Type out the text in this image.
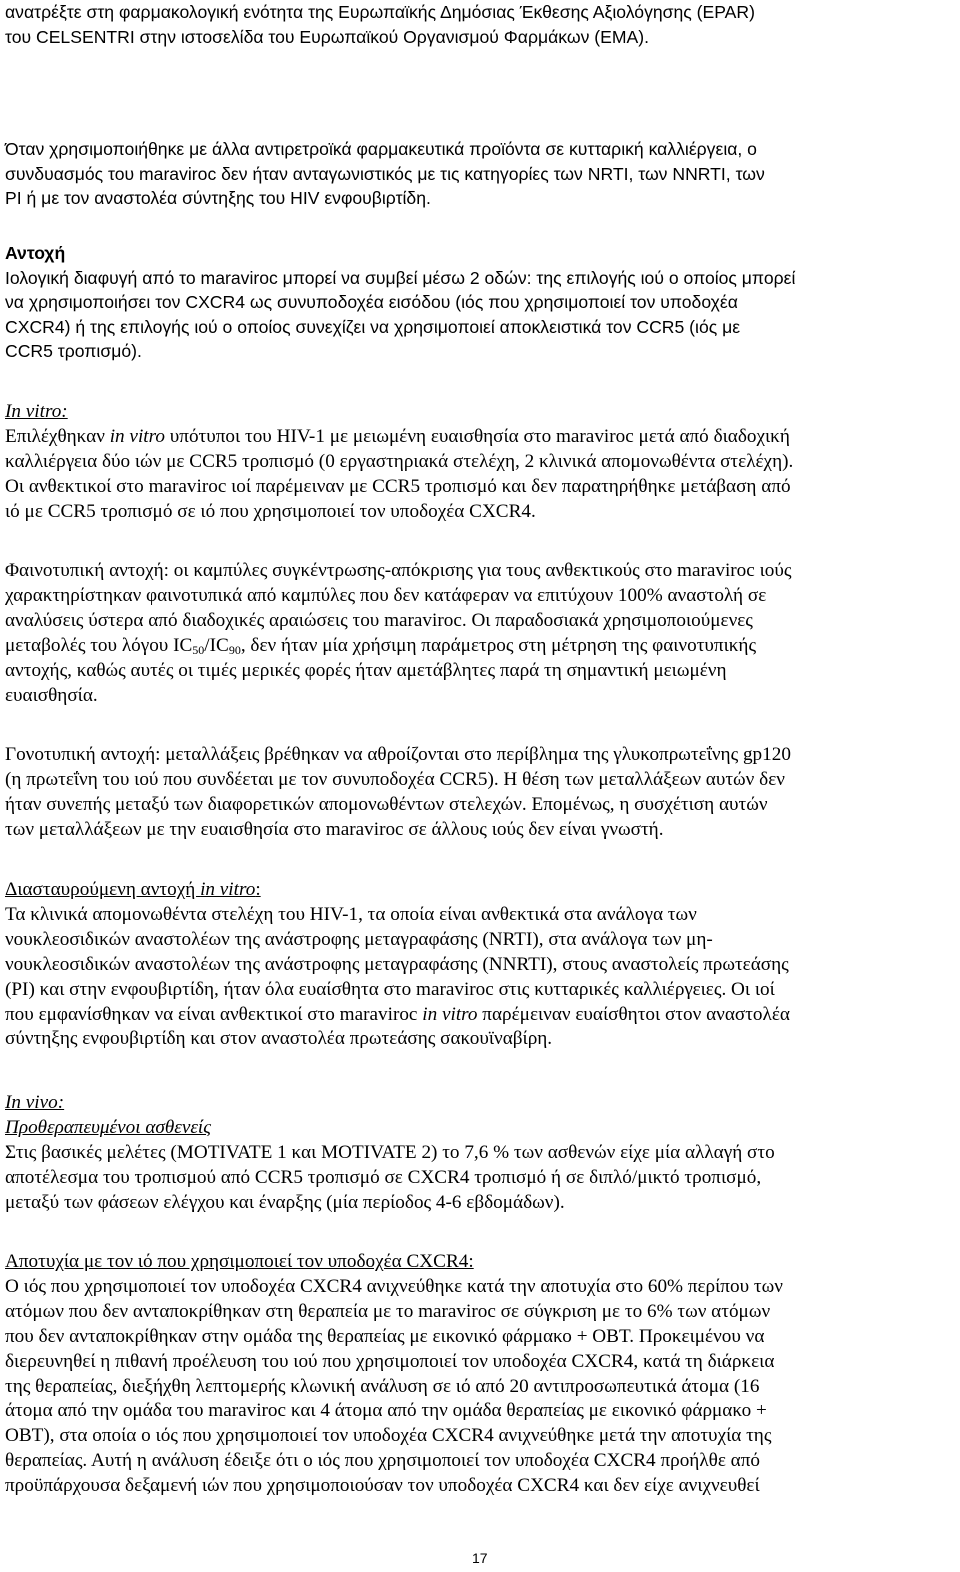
ανατρέξτε στη φαρμακολογική ενότητα της Ευρωπαϊκής Δημόσιας Έκθεσης Αξιολόγησης (EPAR)
του CELSENTRI στην ιστοσελίδα του Ευρωπαϊκού Οργανισμού Φαρμάκων (EMA).
Όταν χρησιμοποιήθηκε με άλλα αντιρετροϊκά φαρμακευτικά προϊόντα σε κυτταρική καλλιέργεια, ο
συνδυασμός του maravirοc δεν ήταν ανταγωνιστικός με τις κατηγορίες των NRTI, των NNRTI, των
PI ή με τον αναστολέα σύντηξης του HIV ενφουβιρτίδη.
Αντοχή
Ιολογική διαφυγή από το maraviroc μπορεί να συμβεί μέσω 2 οδών: της επιλογής ιού ο οποίος μπορεί
να χρησιμοποιήσει τον CXCR4 ως συνυποδοχέα εισόδου (ιός που χρησιμοποιεί τον υποδοχέα
CXCR4) ή της επιλογής ιού ο οποίος συνεχίζει να χρησιμοποιεί αποκλειστικά τον CCR5 (ιός με
CCR5 τροπισμό).
In vitro:
Επιλέχθηκαν in vitro υπότυποι του HIV-1 με μειωμένη ευαισθησία στο maraviroc μετά από διαδοχική
καλλιέργεια δύο ιών με CCR5 τροπισμό (0 εργαστηριακά στελέχη, 2 κλινικά απομονωθέντα στελέχη).
Οι ανθεκτικοί στο maraviroc ιοί παρέμειναν με CCR5 τροπισμό και δεν παρατηρήθηκε μετάβαση από
ιό με CCR5 τροπισμό σε ιό που χρησιμοποιεί τον υποδοχέα CXCR4.
Φαινοτυπική αντοχή: οι καμπύλες συγκέντρωσης-απόκρισης για τους ανθεκτικούς στο maraviroc ιούς
χαρακτηρίστηκαν φαινοτυπικά από καμπύλες που δεν κατάφεραν να επιτύχουν 100% αναστολή σε
αναλύσεις ύστερα από διαδοχικές αραιώσεις του maraviroc. Οι παραδοσιακά χρησιμοποιούμενες
μεταβολές του λόγου $IC_{50}/IC_{90}$, δεν ήταν μία χρήσιμη παράμετρος στη μέτρηση της φαινοτυπικής
αντοχής, καθώς αυτές οι τιμές μερικές φορές ήταν αμετάβλητες παρά τη σημαντική μειωμένη
ευαισθησία.
Γονοτυπική αντοχή: μεταλλάξεις βρέθηκαν να αθροίζονται στο περίβλημα της γλυκοπρωτεΐνης gp120
(η πρωτεΐνη του ιού που συνδέεται με τον συνυποδοχέα CCR5). Η θέση των μεταλλάξεων αυτών δεν
ήταν συνεπής μεταξύ των διαφορετικών απομονωθέντων στελεχών. Επομένως, η συσχέτιση αυτών
των μεταλλάξεων με την ευαισθησία στο maraviroc σε άλλους ιούς δεν είναι γνωστή.
Διασταυρούμενη αντοχή in vitro:
Τα κλινικά απομονωθέντα στελέχη του HIV-1, τα οποία είναι ανθεκτικά στα ανάλογα των
νουκλεοσιδικών αναστολέων της ανάστροφης μεταγραφάσης (NRTI), στα ανάλογα των μη-
νουκλεοσιδικών αναστολέων της ανάστροφης μεταγραφάσης (NNRTI), στους αναστολείς πρωτεάσης
(PI) και στην ενφουβιρτίδη, ήταν όλα ευαίσθητα στο maraviroc στις κυτταρικές καλλιέργειες. Οι ιοί
που εμφανίσθηκαν να είναι ανθεκτικοί στο maraviroc in vitro παρέμειναν ευαίσθητοι στον αναστολέα
σύντηξης ενφουβιρτίδη και στον αναστολέα πρωτεάσης σακουϊναβίρη.
In vivo:
Προθεραπευμένοι ασθενείς
Στις βασικές μελέτες (MOTIVATE 1 και MOTIVATE 2) το 7,6 % των ασθενών είχε μία αλλαγή στο
αποτέλεσμα του τροπισμού από CCR5 τροπισμό σε CXCR4 τροπισμό ή σε διπλό/μικτό τροπισμό,
μεταξύ των φάσεων ελέγχου και έναρξης (μία περίοδος 4-6 εβδομάδων).
Αποτυχία με τον ιό που χρησιμοποιεί τον υποδοχέα CXCR4:
Ο ιός που χρησιμοποιεί τον υποδοχέα CXCR4 ανιχνεύθηκε κατά την αποτυχία στο 60% περίπου των
ατόμων που δεν ανταποκρίθηκαν στη θεραπεία με το maraviroc σε σύγκριση με το 6% των ατόμων
που δεν ανταποκρίθηκαν στην ομάδα της θεραπείας με εικονικό φάρμακο + OBT. Προκειμένου να
διερευνηθεί η πιθανή προέλευση του ιού που χρησιμοποιεί τον υποδοχέα CXCR4, κατά τη διάρκεια
της θεραπείας, διεξήχθη λεπτομερής κλωνική ανάλυση σε ιό από 20 αντιπροσωπευτικά άτομα (16
άτομα από την ομάδα του maraviroc και 4 άτομα από την ομάδα θεραπείας με εικονικό φάρμακο +
OBT), στα οποία ο ιός που χρησιμοποιεί τον υποδοχέα CXCR4 ανιχνεύθηκε μετά την αποτυχία της
θεραπείας. Αυτή η ανάλυση έδειξε ότι ο ιός που χρησιμοποιεί τον υποδοχέα CXCR4 προήλθε από
προϋπάρχουσα δεξαμενή ιών που χρησιμοποιούσαν τον υποδοχέα CXCR4 και δεν είχε ανιχνευθεί
17
